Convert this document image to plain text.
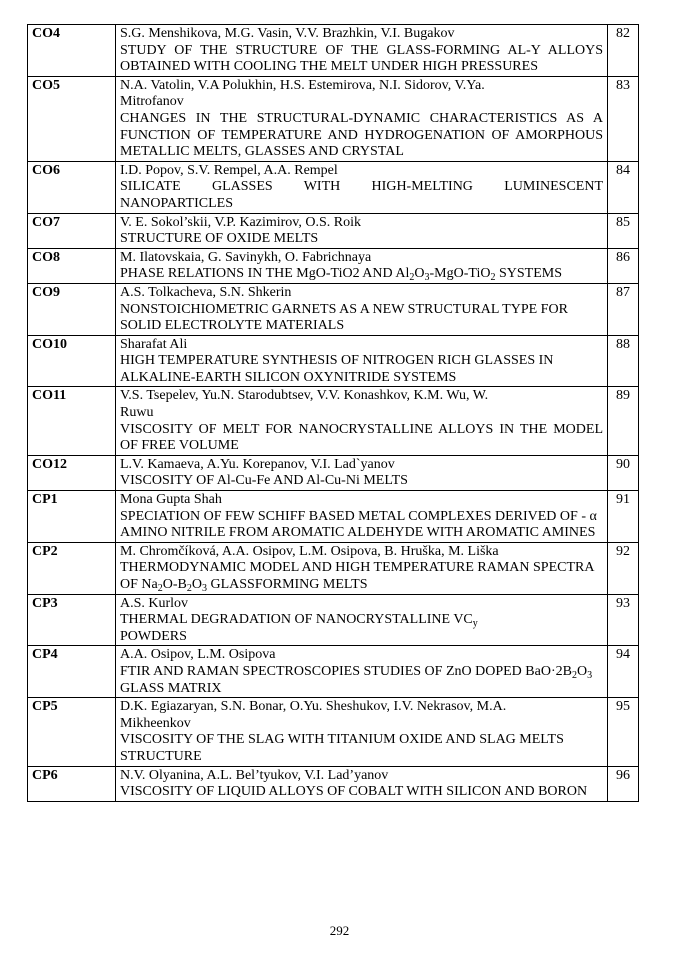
CO4	S.G. Menshikova, M.G. Vasin, V.V. Brazhkin, V.I. Bugakov
STUDY OF THE STRUCTURE OF THE GLASS-FORMING AL-Y ALLOYS OBTAINED WITH COOLING THE MELT UNDER HIGH PRESSURES	82
CO5	N.A. Vatolin, V.A Polukhin, H.S. Estemirova, N.I. Sidorov, V.Ya. Mitrofanov
CHANGES IN THE STRUCTURAL-DYNAMIC CHARACTERISTICS AS A FUNCTION OF TEMPERATURE AND HYDROGENATION OF AMORPHOUS METALLIC MELTS, GLASSES AND CRYSTAL	83
CO6	I.D. Popov, S.V. Rempel, A.A. Rempel
SILICATE GLASSES WITH HIGH-MELTING LUMINESCENT NANOPARTICLES	84
CO7	V. E. Sokol’skii, V.P. Kazimirov, O.S. Roik
STRUCTURE OF OXIDE MELTS	85
CO8	M. Ilatovskaia, G. Savinykh, O. Fabrichnaya
PHASE RELATIONS IN THE MgO-TiO2 AND $Al_2O_3-MgO-TiO_2$ SYSTEMS	86
CO9	A.S. Tolkacheva, S.N. Shkerin
NONSTOICHIOMETRIC GARNETS AS A NEW STRUCTURAL TYPE FOR SOLID ELECTROLYTE MATERIALS	87
CO10	Sharafat Ali
HIGH TEMPERATURE SYNTHESIS OF NITROGEN RICH GLASSES IN ALKALINE-EARTH SILICON OXYNITRIDE SYSTEMS	88
CO11	V.S. Tsepelev, Yu.N. Starodubtsev, V.V. Konashkov, K.M. Wu, W. Ruwu
VISCOSITY OF MELT FOR NANOCRYSTALLINE ALLOYS IN THE MODEL OF FREE VOLUME	89
CO12	L.V. Kamaeva, A.Yu. Korepanov, V.I. Lad`yanov
VISCOSITY OF Al-Cu-Fe AND Al-Cu-Ni MELTS	90
CP1	Mona Gupta Shah
SPECIATION OF FEW SCHIFF BASED METAL COMPLEXES DERIVED OF - α AMINO NITRILE FROM AROMATIC ALDEHYDE WITH AROMATIC AMINES	91
CP2	M. Chromčíková, A.A. Osipov, L.M. Osipova, B. Hruška, M. Liška
THERMODYNAMIC MODEL AND HIGH TEMPERATURE RAMAN SPECTRA OF $Na_2O-B_2O_3$ GLASSFORMING MELTS	92
CP3	A.S. Kurlov
THERMAL DEGRADATION OF NANOCRYSTALLINE $VC_y$ POWDERS	93
CP4	A.A. Osipov, L.M. Osipova
FTIR AND RAMAN SPECTROSCOPIES STUDIES OF ZnO DOPED $BaO\cdot 2B_2O_3$ GLASS MATRIX	94
CP5	D.K. Egiazaryan, S.N. Bonar, O.Yu. Sheshukov, I.V. Nekrasov, M.A. Mikheenkov
VISCOSITY OF THE SLAG WITH TITANIUM OXIDE AND SLAG MELTS STRUCTURE	95
CP6	N.V. Olyanina, A.L. Bel’tyukov, V.I. Lad’yanov
VISCOSITY OF LIQUID ALLOYS OF COBALT WITH SILICON AND BORON	96
292
